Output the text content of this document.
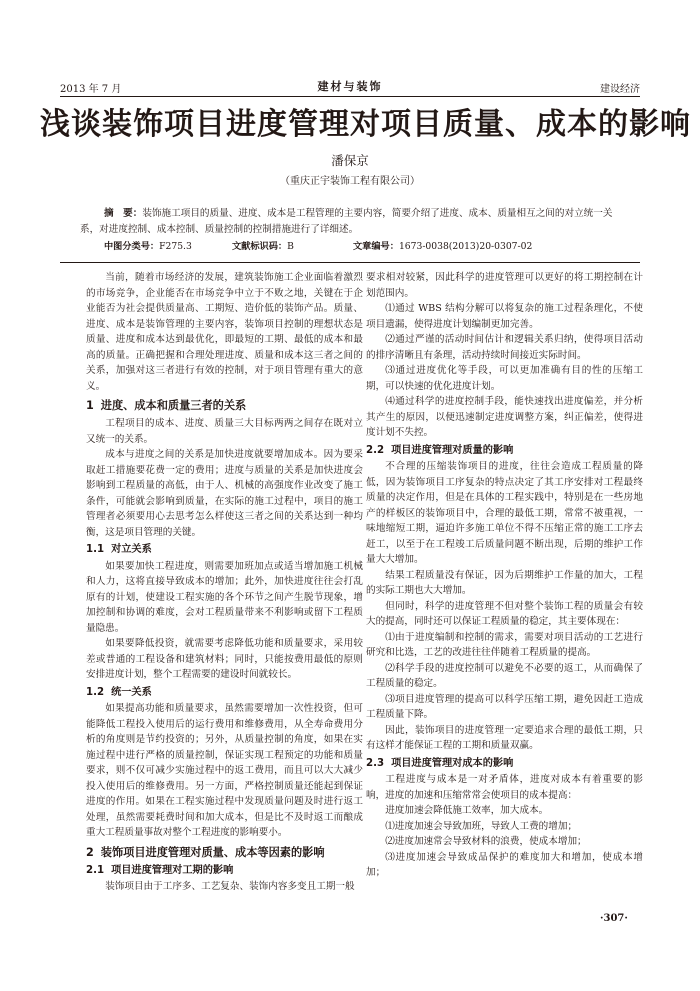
2013 年 7 月	建材与装饰	建设经济
浅谈装饰项目进度管理对项目质量、成本的影响
潘保京
（重庆正宇装饰工程有限公司）
摘　要：装饰施工项目的质量、进度、成本是工程管理的主要内容，简要介绍了进度、成本、质量相互之间的对立统一关系，对进度控制、成本控制、质量控制的控制措施进行了详细述。
中图分类号：F275.3	文献标识码：B	文章编号：1673-0038(2013)20-0307-02

当前，随着市场经济的发展，建筑装饰施工企业面临着激烈的市场竞争，企业能否在市场竞争中立于不败之地，关键在于企业能否为社会提供质量高、工期短、造价低的装饰产品。质量、进度、成本是装饰管理的主要内容，装饰项目控制的理想状态是质量、进度和成本达到最优化，即最短的工期、最低的成本和最高的质量。正确把握和合理处理进度、质量和成本这三者之间的关系，加强对这三者进行有效的控制，对于项目管理有重大的意义。

1 进度、成本和质量三者的关系

工程项目的成本、进度、质量三大目标两两之间存在既对立又统一的关系。

成本与进度之间的关系是加快进度就要增加成本。因为要采取赶工措施要花费一定的费用；进度与质量的关系是加快进度会影响到工程质量的高低，由于人、机械的高强度作业改变了施工条件，可能就会影响到质量，在实际的施工过程中，项目的施工管理者必须要用心去思考怎么样使这三者之间的关系达到一种均衡，这是项目管理的关键。

1.1 对立关系

如果要加快工程进度，则需要加班加点或适当增加施工机械和人力，这将直接导致成本的增加；此外，加快进度往往会打乱原有的计划，使建设工程实施的各个环节之间产生脱节现象，增加控制和协调的难度，会对工程质量带来不利影响或留下工程质量隐患。

如果要降低投资，就需要考虑降低功能和质量要求，采用较差或普通的工程设备和建筑材料；同时，只能按费用最低的原则安排进度计划，整个工程需要的建设时间就较长。

1.2 统一关系

如果提高功能和质量要求，虽然需要增加一次性投资，但可能降低工程投入使用后的运行费用和维修费用，从全寿命费用分析的角度则是节约投资的；另外，从质量控制的角度，如果在实施过程中进行严格的质量控制，保证实现工程预定的功能和质量要求，则不仅可减少实施过程中的返工费用，而且可以大大减少投入使用后的维修费用。另一方面，严格控制质量还能起到保证进度的作用。如果在工程实施过程中发现质量问题及时进行返工处理，虽然需要耗费时间和加大成本，但是比不及时返工而酿成重大工程质量事故对整个工程进度的影响要小。

2 装饰项目进度管理对质量、成本等因素的影响
2.1 项目进度管理对工期的影响

装饰项目由于工序多、工艺复杂、装饰内容多变且工期一般

要求相对较紧，因此科学的进度管理可以更好的将工期控制在计划范围内。

⑴通过 WBS 结构分解可以将复杂的施工过程条理化，不使项目遗漏，使得进度计划编制更加完善。

⑵通过严谨的活动时间估计和逻辑关系归纳，使得项目活动的排序清晰且有条理，活动持续时间接近实际时间。

⑶通过进度优化等手段，可以更加准确有目的性的压缩工期，可以快速的优化进度计划。

⑷通过科学的进度控制手段，能快速找出进度偏差，并分析其产生的原因，以便迅速制定进度调整方案，纠正偏差，使得进度计划不失控。

2.2 项目进度管理对质量的影响

不合理的压缩装饰项目的进度，往往会造成工程质量的降低，因为装饰项目工序复杂的特点决定了其工序安排对工程最终质量的决定作用，但是在具体的工程实践中，特别是在一些房地产的样板区的装饰项目中，合理的最低工期，常常不被重视，一味地缩短工期，逼迫许多施工单位不得不压缩正常的施工工序去赶工，以至于在工程竣工后质量问题不断出现，后期的维护工作量大大增加。

结果工程质量没有保证，因为后期维护工作量的加大，工程的实际工期也大大增加。

但同时，科学的进度管理不但对整个装饰工程的质量会有较大的提高，同时还可以保证工程质量的稳定，其主要体现在：

⑴由于进度编制和控制的需求，需要对项目活动的工艺进行研究和比选，工艺的改进往往伴随着工程质量的提高。

⑵科学手段的进度控制可以避免不必要的返工，从而确保了工程质量的稳定。

⑶项目进度管理的提高可以科学压缩工期，避免因赶工造成工程质量下降。

因此，装饰项目的进度管理一定要追求合理的最低工期，只有这样才能保证工程的工期和质量双赢。

2.3 项目进度管理对成本的影响

工程进度与成本是一对矛盾体，进度对成本有着重要的影响，进度的加速和压缩常常会使项目的成本提高：

进度加速会降低施工效率，加大成本。

⑴进度加速会导致加班，导致人工费的增加；

⑵进度加速常会导致材料的浪费，使成本增加；

⑶进度加速会导致成品保护的难度加大和增加，使成本增加；

·307·
